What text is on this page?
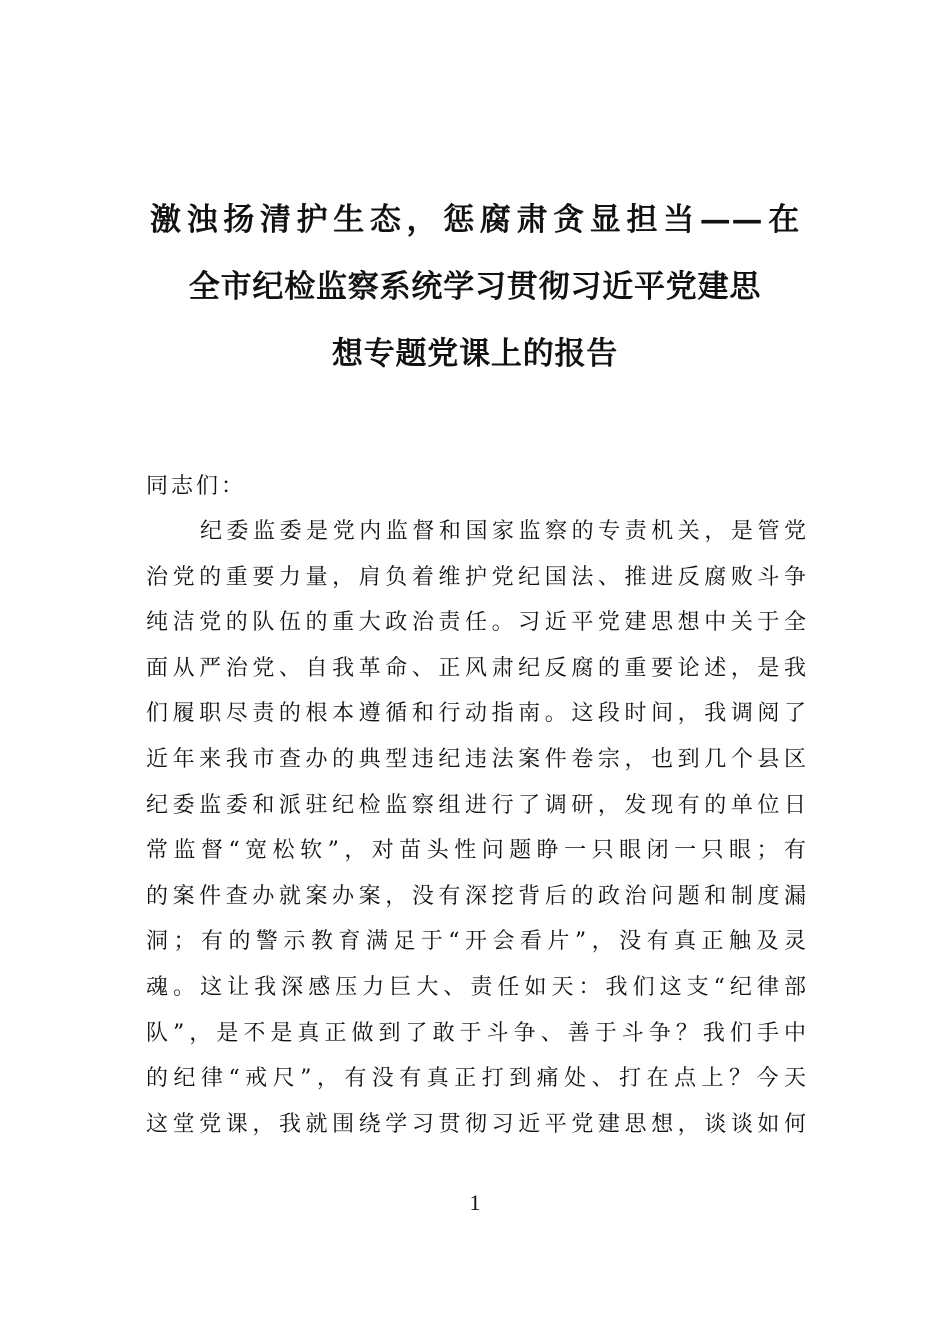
激浊扬清护生态，惩腐肃贪显担当——在
全市纪检监察系统学习贯彻习近平党建思
想专题党课上的报告
同志们：
纪委监委是党内监督和国家监察的专责机关，是管党
治党的重要力量，肩负着维护党纪国法、推进反腐败斗争
纯洁党的队伍的重大政治责任。习近平党建思想中关于全
面从严治党、自我革命、正风肃纪反腐的重要论述，是我
们履职尽责的根本遵循和行动指南。这段时间，我调阅了
近年来我市查办的典型违纪违法案件卷宗，也到几个县区
纪委监委和派驻纪检监察组进行了调研，发现有的单位日
常监督“宽松软”，对苗头性问题睁一只眼闭一只眼；有
的案件查办就案办案，没有深挖背后的政治问题和制度漏
洞；有的警示教育满足于“开会看片”，没有真正触及灵
魂。这让我深感压力巨大、责任如天：我们这支“纪律部
队”，是不是真正做到了敢于斗争、善于斗争？我们手中
的纪律“戒尺”，有没有真正打到痛处、打在点上？今天
这堂党课，我就围绕学习贯彻习近平党建思想，谈谈如何
1
